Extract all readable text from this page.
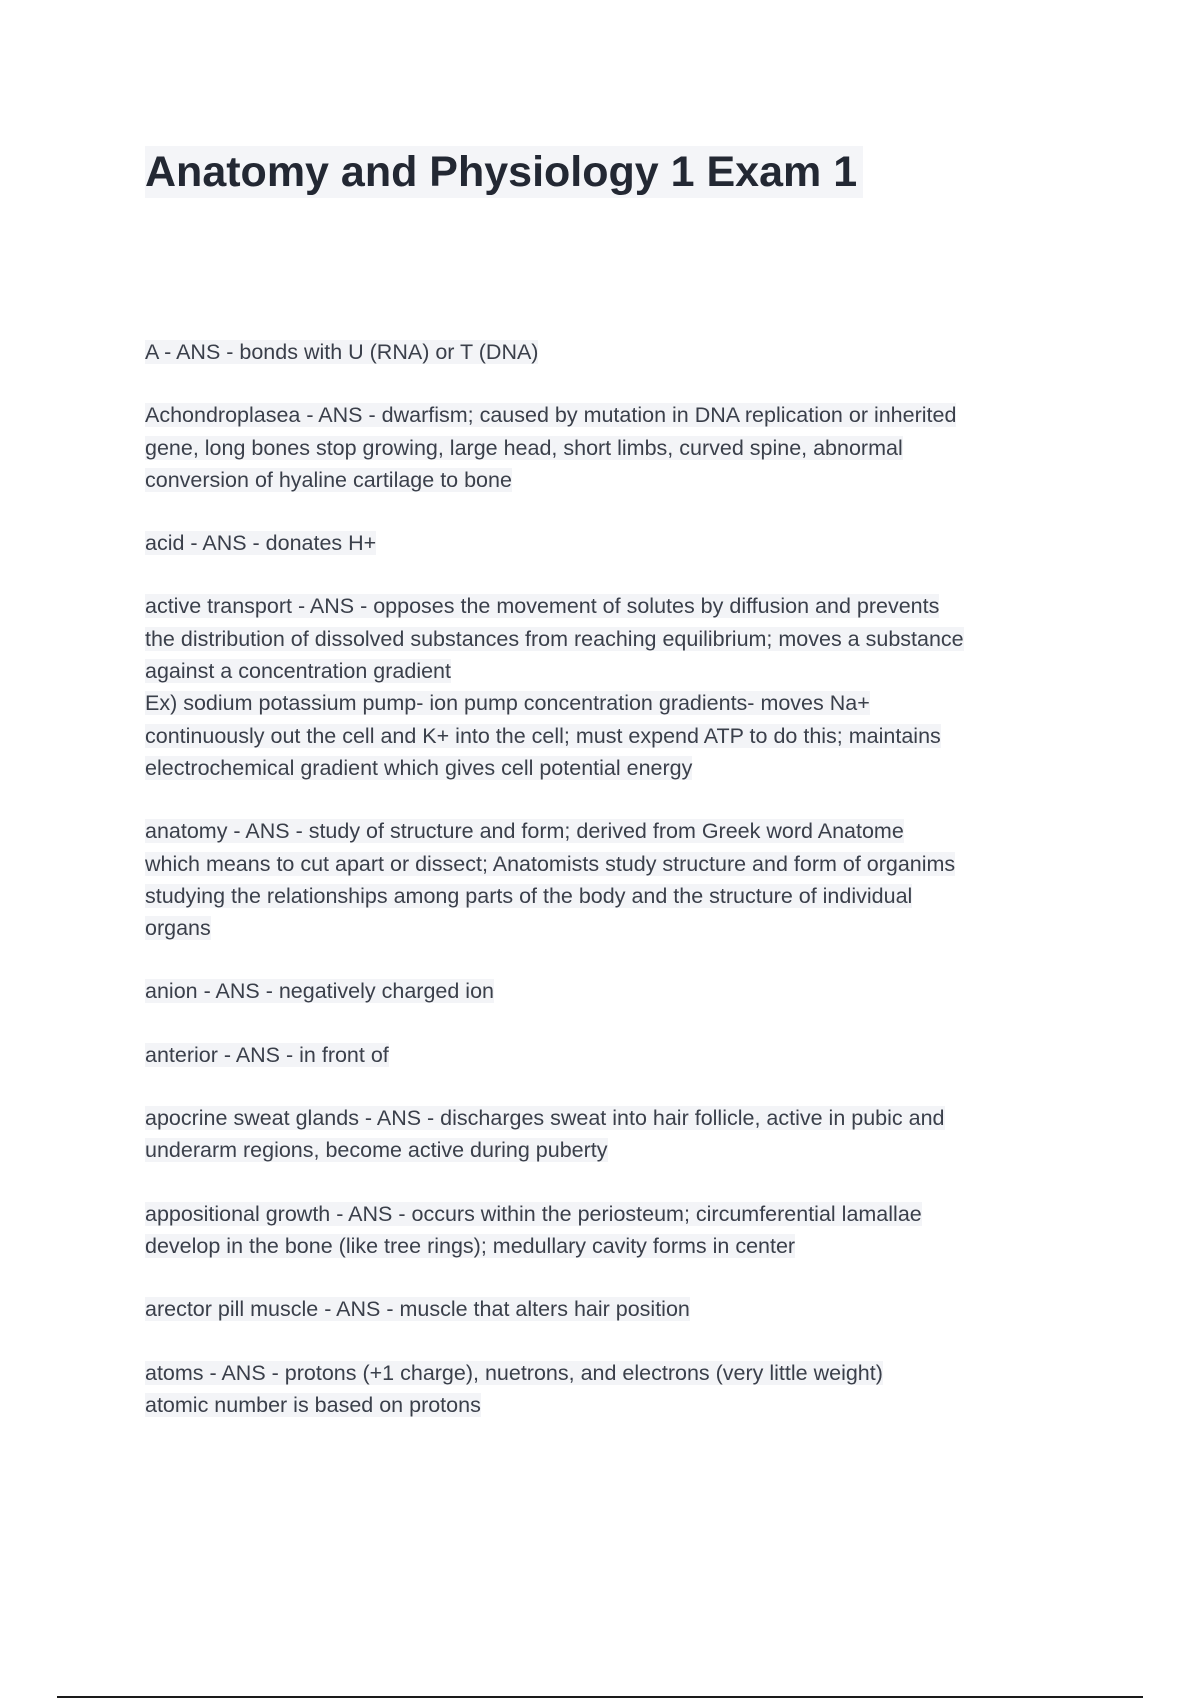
Anatomy and Physiology 1 Exam 1
A - ANS - bonds with U (RNA) or T (DNA)
Achondroplasea - ANS - dwarfism; caused by mutation in DNA replication or inherited
gene, long bones stop growing, large head, short limbs, curved spine, abnormal
conversion of hyaline cartilage to bone
acid - ANS - donates H+
active transport - ANS - opposes the movement of solutes by diffusion and prevents
the distribution of dissolved substances from reaching equilibrium; moves a substance
against a concentration gradient
Ex) sodium potassium pump- ion pump concentration gradients- moves Na+
continuously out the cell and K+ into the cell; must expend ATP to do this; maintains
electrochemical gradient which gives cell potential energy
anatomy - ANS - study of structure and form; derived from Greek word Anatome
which means to cut apart or dissect; Anatomists study structure and form of organims
studying the relationships among parts of the body and the structure of individual
organs
anion - ANS - negatively charged ion
anterior - ANS - in front of
apocrine sweat glands - ANS - discharges sweat into hair follicle, active in pubic and
underarm regions, become active during puberty
appositional growth - ANS - occurs within the periosteum; circumferential lamallae
develop in the bone (like tree rings); medullary cavity forms in center
arector pill muscle - ANS - muscle that alters hair position
atoms - ANS - protons (+1 charge), nuetrons, and electrons (very little weight)
atomic number is based on protons
